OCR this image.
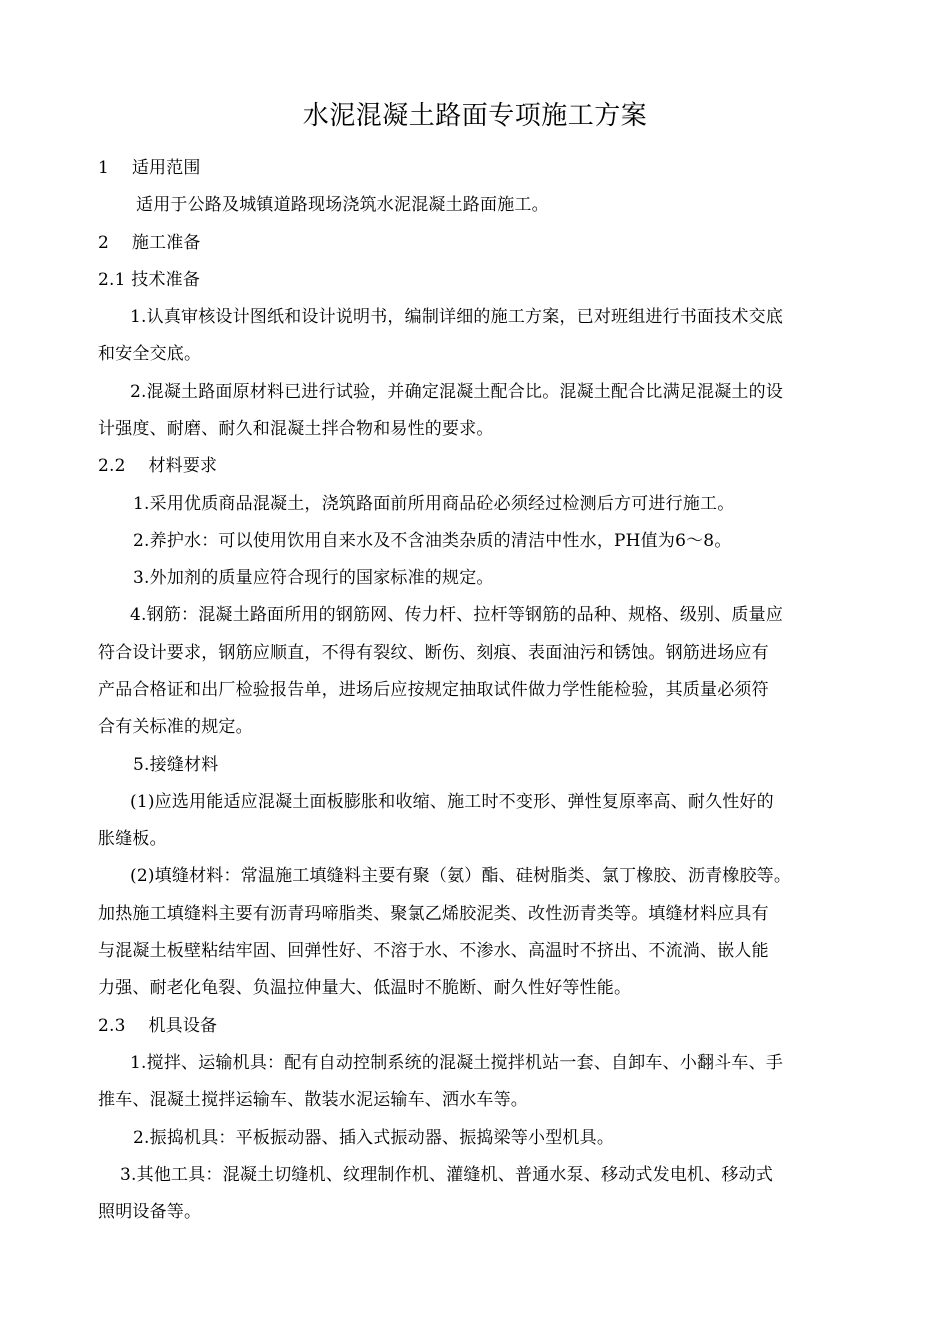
水泥混凝土路面专项施工方案
1　 适用范围
适用于公路及城镇道路现场浇筑水泥混凝土路面施工。
2　 施工准备
2.1 技术准备
1.认真审核设计图纸和设计说明书，编制详细的施工方案，已对班组进行书面技术交底
和安全交底。
2.混凝土路面原材料已进行试验，并确定混凝土配合比。混凝土配合比满足混凝土的设
计强度、耐磨、耐久和混凝土拌合物和易性的要求。
2.2　 材料要求
1.采用优质商品混凝土，浇筑路面前所用商品砼必须经过检测后方可进行施工。
2.养护水：可以使用饮用自来水及不含油类杂质的清洁中性水，PH值为6～8。
3.外加剂的质量应符合现行的国家标准的规定。
4.钢筋：混凝土路面所用的钢筋网、传力杆、拉杆等钢筋的品种、规格、级别、质量应
符合设计要求，钢筋应顺直，不得有裂纹、断伤、刻痕、表面油污和锈蚀。钢筋进场应有
产品合格证和出厂检验报告单，进场后应按规定抽取试件做力学性能检验，其质量必须符
合有关标准的规定。
5.接缝材料
(1)应选用能适应混凝土面板膨胀和收缩、施工时不变形、弹性复原率高、耐久性好的
胀缝板。
(2)填缝材料：常温施工填缝料主要有聚（氨）酯、硅树脂类、氯丁橡胶、沥青橡胶等。
加热施工填缝料主要有沥青玛啼脂类、聚氯乙烯胶泥类、改性沥青类等。填缝材料应具有
与混凝土板壁粘结牢固、回弹性好、不溶于水、不渗水、高温时不挤出、不流淌、嵌人能
力强、耐老化龟裂、负温拉伸量大、低温时不脆断、耐久性好等性能。
2.3　 机具设备
1.搅拌、运输机具：配有自动控制系统的混凝土搅拌机站一套、自卸车、小翻斗车、手
推车、混凝土搅拌运输车、散装水泥运输车、洒水车等。
2.振捣机具：平板振动器、插入式振动器、振捣梁等小型机具。
3.其他工具：混凝土切缝机、纹理制作机、灌缝机、普通水泵、移动式发电机、移动式
照明设备等。
